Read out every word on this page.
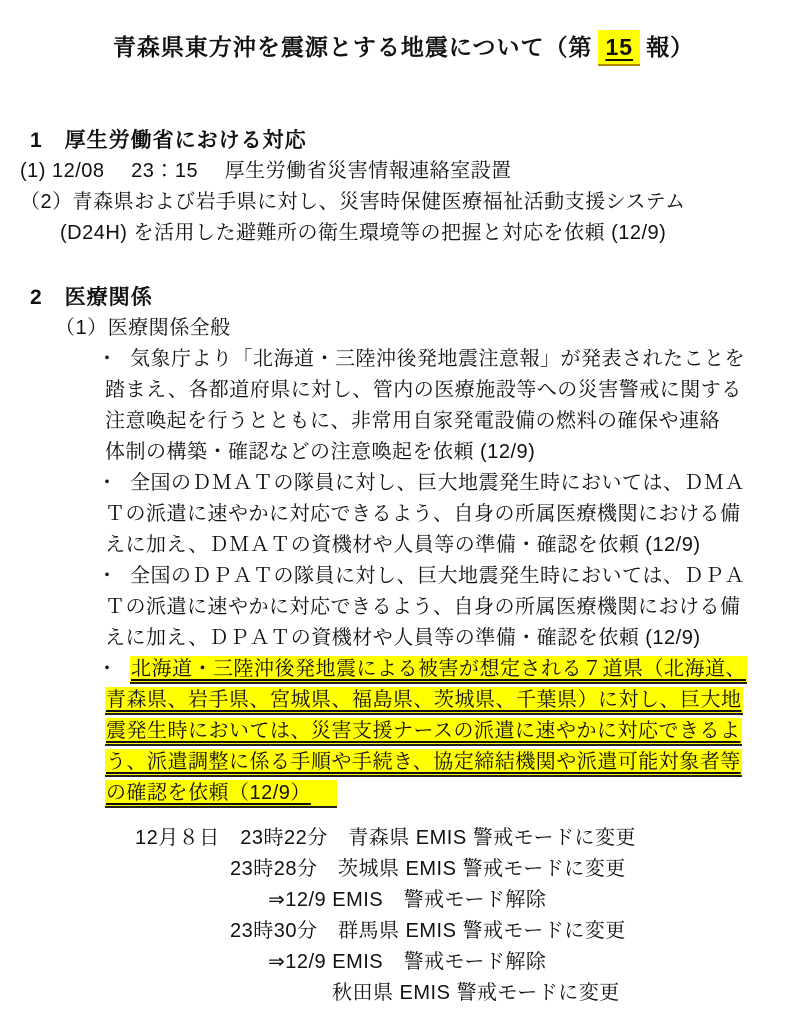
青森県東方沖を震源とする地震について（第 15 報）
1　厚生労働省における対応
(1) 12/08　 23：15　 厚生労働省災害情報連絡室設置
（2）青森県および岩手県に対し、災害時保健医療福祉活動支援システム
(D24H) を活用した避難所の衛生環境等の把握と対応を依頼 (12/9)
2　医療関係
（1）医療関係全般
・ 気象庁より「北海道・三陸沖後発地震注意報」が発表されたことを
踏まえ、各都道府県に対し、管内の医療施設等への災害警戒に関する
注意喚起を行うとともに、非常用自家発電設備の燃料の確保や連絡
体制の構築・確認などの注意喚起を依頼 (12/9)
・ 全国のＤＭＡＴの隊員に対し、巨大地震発生時においては、ＤＭＡ
Ｔの派遣に速やかに対応できるよう、自身の所属医療機関における備
えに加え、ＤＭＡＴの資機材や人員等の準備・確認を依頼 (12/9)
・ 全国のＤＰＡＴの隊員に対し、巨大地震発生時においては、ＤＰＡ
Ｔの派遣に速やかに対応できるよう、自身の所属医療機関における備
えに加え、ＤＰＡＴの資機材や人員等の準備・確認を依頼 (12/9)
・ 北海道・三陸沖後発地震による被害が想定される７道県（北海道、
青森県、岩手県、宮城県、福島県、茨城県、千葉県）に対し、巨大地
震発生時においては、災害支援ナースの派遣に速やかに対応できるよ
う、派遣調整に係る手順や手続き、協定締結機関や派遣可能対象者等
の確認を依頼（12/9）
12月８日　23時22分　青森県 EMIS 警戒モードに変更
23時28分　茨城県 EMIS 警戒モードに変更
⇒12/9 EMIS　警戒モード解除
23時30分　群馬県 EMIS 警戒モードに変更
⇒12/9 EMIS　警戒モード解除
秋田県 EMIS 警戒モードに変更
